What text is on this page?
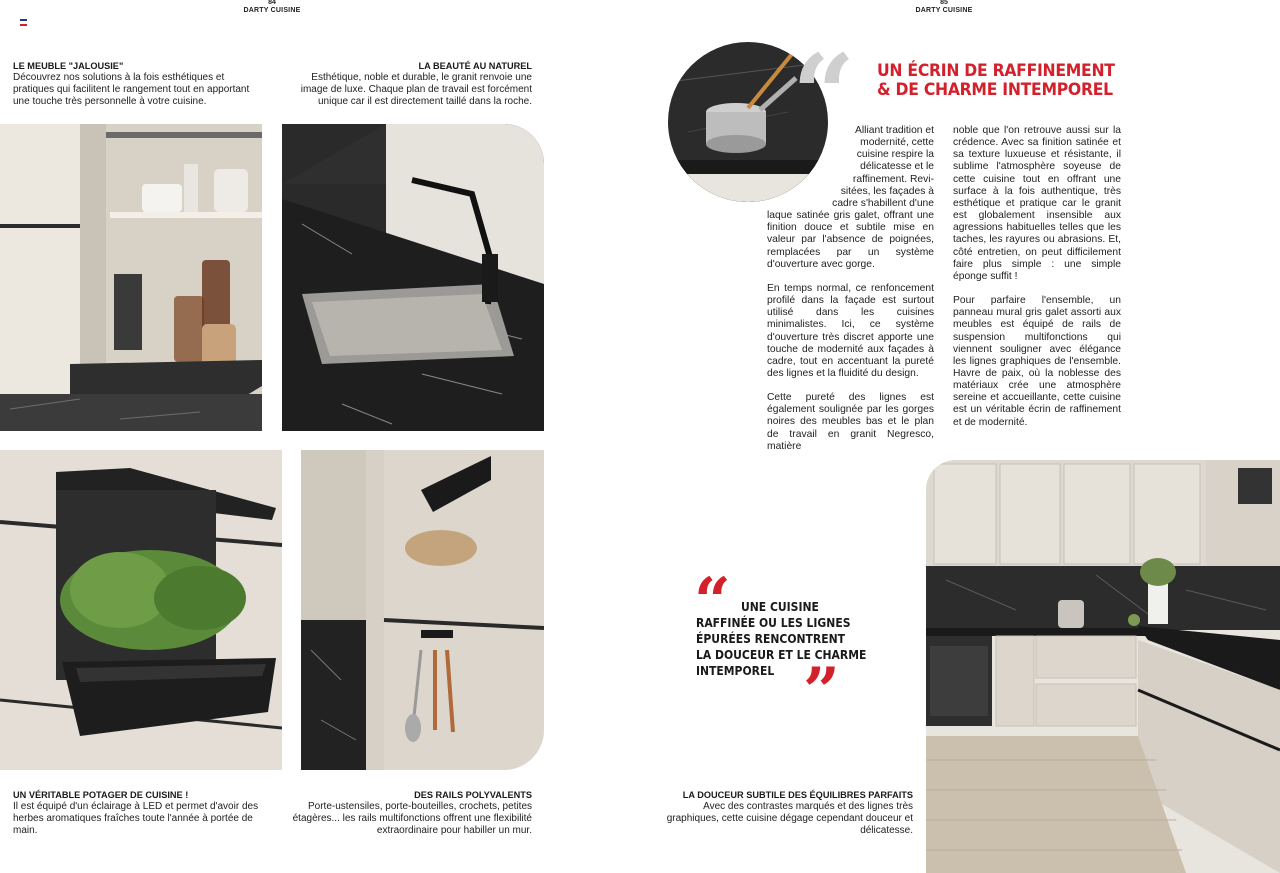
84
DARTY CUISINE
LE MEUBLE "JALOUSIE"
Découvrez nos solutions à la fois esthétiques et pratiques qui facilitent le rangement tout en apportant une touche très personnelle à votre cuisine.
LA BEAUTÉ AU NATUREL
Esthétique, noble et durable, le granit renvoie une image de luxe. Chaque plan de travail est forcément unique car il est directement taillé dans la roche.
UN VÉRITABLE POTAGER DE CUISINE !
Il est équipé d'un éclairage à LED et permet d'avoir des herbes aromatiques fraîches toute l'année à portée de main.
DES RAILS POLYVALENTS
Porte-ustensiles, porte-bouteilles, crochets, petites étagères... les rails multifonctions offrent une flexibilité extraordinaire pour habiller un mur.
85
DARTY CUISINE
“ UN ÉCRIN DE RAFFINEMENT
& DE CHARME INTEMPOREL

Alliant tradition et
modernité, cette
cuisine respire la
délicatesse et le
raffinement. Revi-
sitées, les façades à
cadre s'habillent d'une
laque satinée gris galet, offrant une finition douce et subtile mise en valeur par l'absence de poignées, remplacées par un système d'ouverture avec gorge.

En temps normal, ce renfoncement profilé dans la façade est surtout utilisé dans les cuisines minimalistes. Ici, ce système d'ouverture très discret apporte une touche de modernité aux façades à cadre, tout en accentuant la pureté des lignes et la fluidité du design.

Cette pureté des lignes est également soulignée par les gorges noires des meubles bas et le plan de travail en granit Negresco, matière

noble que l'on retrouve aussi sur la crédence. Avec sa finition satinée et sa texture luxueuse et résistante, il sublime l'atmosphère soyeuse de cette cuisine tout en offrant une surface à la fois authentique, très esthétique et pratique car le granit est globalement insensible aux agressions habituelles telles que les taches, les rayures ou abrasions. Et, côté entretien, on peut difficilement faire plus simple : une simple éponge suffit !

Pour parfaire l'ensemble, un panneau mural gris galet assorti aux meubles est équipé de rails de suspension multifonctions qui viennent souligner avec élégance les lignes graphiques de l'ensemble. Havre de paix, où la noblesse des matériaux crée une atmosphère sereine et accueillante, cette cuisine est un véritable écrin de raffinement et de modernité.

“ UNE CUISINE
RAFFINÉE OU LES LIGNES
ÉPURÉES RENCONTRENT
LA DOUCEUR ET LE CHARME
INTEMPOREL ”
LA DOUCEUR SUBTILE DES ÉQUILIBRES PARFAITS
Avec des contrastes marqués et des lignes très graphiques, cette cuisine dégage cependant douceur et délicatesse.
